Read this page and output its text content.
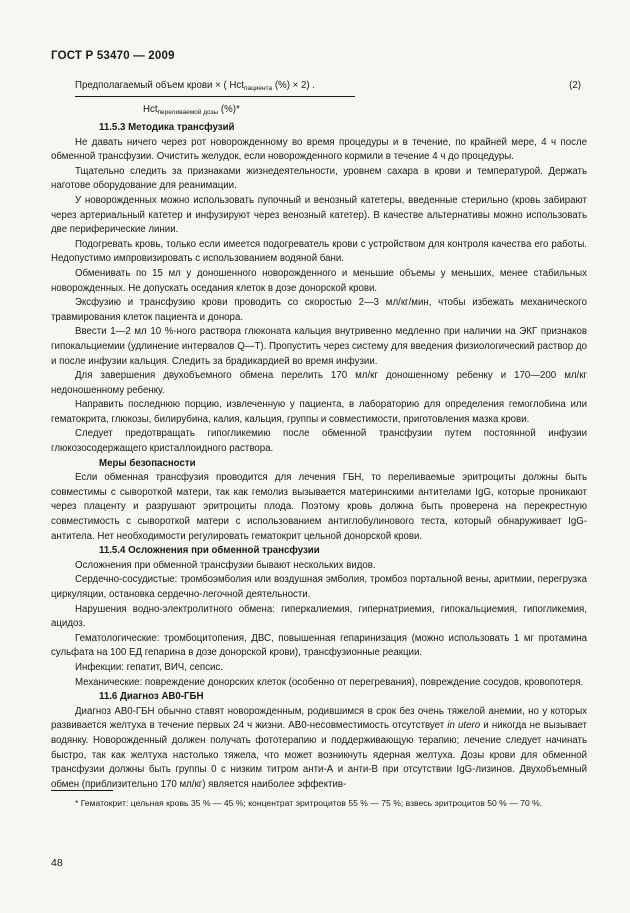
ГОСТ Р 53470 — 2009
Предполагаемый объем крови × ( Hct$_{пациента}$ (%) × 2) .
Hct$_{переливаемой дозы}$ (%)*
(2)

11.5.3 Методика трансфузий

Не давать ничего через рот новорожденному во время процедуры и в течение, по крайней мере, 4 ч после обменной трансфузии. Очистить желудок, если новорожденного кормили в течение 4 ч до процедуры.

Тщательно следить за признаками жизнедеятельности, уровнем сахара в крови и температурой. Держать наготове оборудование для реанимации.

У новорожденных можно использовать пупочный и венозный катетеры, введенные стерильно (кровь забирают через артериальный катетер и инфузируют через венозный катетер). В качестве альтернативы можно использовать две периферические линии.

Подогревать кровь, только если имеется подогреватель крови с устройством для контроля качества его работы. Недопустимо импровизировать с использованием водяной бани.

Обменивать по 15 мл у доношенного новорожденного и меньшие объемы у меньших, менее стабильных новорожденных. Не допускать оседания клеток в дозе донорской крови.

Эксфузию и трансфузию крови проводить со скоростью 2—3 мл/кг/мин, чтобы избежать механического травмирования клеток пациента и донора.

Ввести 1—2 мл 10 %-ного раствора глюконата кальция внутривенно медленно при наличии на ЭКГ признаков гипокальциемии (удлинение интервалов Q—T). Пропустить через систему для введения физиологический раствор до и после инфузии кальция. Следить за брадикардией во время инфузии.

Для завершения двухобъемного обмена перелить 170 мл/кг доношенному ребенку и 170—200 мл/кг недоношенному ребенку.

Направить последнюю порцию, извлеченную у пациента, в лабораторию для определения гемоглобина или гематокрита, глюкозы, билирубина, калия, кальция, группы и совместимости, приготовления мазка крови.

Следует предотвращать гипогликемию после обменной трансфузии путем постоянной инфузии глюкозосодержащего кристаллоидного раствора.

Меры безопасности

Если обменная трансфузия проводится для лечения ГБН, то переливаемые эритроциты должны быть совместимы с сывороткой матери, так как гемолиз вызывается материнскими антителами IgG, которые проникают через плаценту и разрушают эритроциты плода. Поэтому кровь должна быть проверена на перекрестную совместимость с сывороткой матери с использованием антиглобулинового теста, который обнаруживает IgG-антитела. Нет необходимости регулировать гематокрит цельной донорской крови.

11.5.4 Осложнения при обменной трансфузии

Осложнения при обменной трансфузии бывают нескольких видов.

Сердечно-сосудистые: тромбоэмболия или воздушная эмболия, тромбоз портальной вены, аритмии, перегрузка циркуляции, остановка сердечно-легочной деятельности.

Нарушения водно-электролитного обмена: гиперкалиемия, гипернатриемия, гипокальциемия, гипогликемия, ацидоз.

Гематологические: тромбоцитопения, ДВС, повышенная гепаринизация (можно использовать 1 мг протамина сульфата на 100 ЕД гепарина в дозе донорской крови), трансфузионные реакции.

Инфекции: гепатит, ВИЧ, сепсис.

Механические: повреждение донорских клеток (особенно от перегревания), повреждение сосудов, кровопотеря.

11.6 Диагноз АВ0-ГБН

Диагноз АВ0-ГБН обычно ставят новорожденным, родившимся в срок без очень тяжелой анемии, но у которых развивается желтуха в течение первых 24 ч жизни. АВ0-несовместимость отсутствует in utero и никогда не вызывает водянку. Новорожденный должен получать фототерапию и поддерживающую терапию; лечение следует начинать быстро, так как желтуха настолько тяжела, что может возникнуть ядерная желтуха. Дозы крови для обменной трансфузии должны быть группы 0 с низким титром анти-А и анти-В при отсутствии IgG-лизинов. Двухобъемный обмен (приблизительно 170 мл/кг) является наиболее эффектив-

* Гематокрит: цельная кровь 35 % — 45 %; концентрат эритроцитов 55 % — 75 %; взвесь эритроцитов 50 % — 70 %.
48
